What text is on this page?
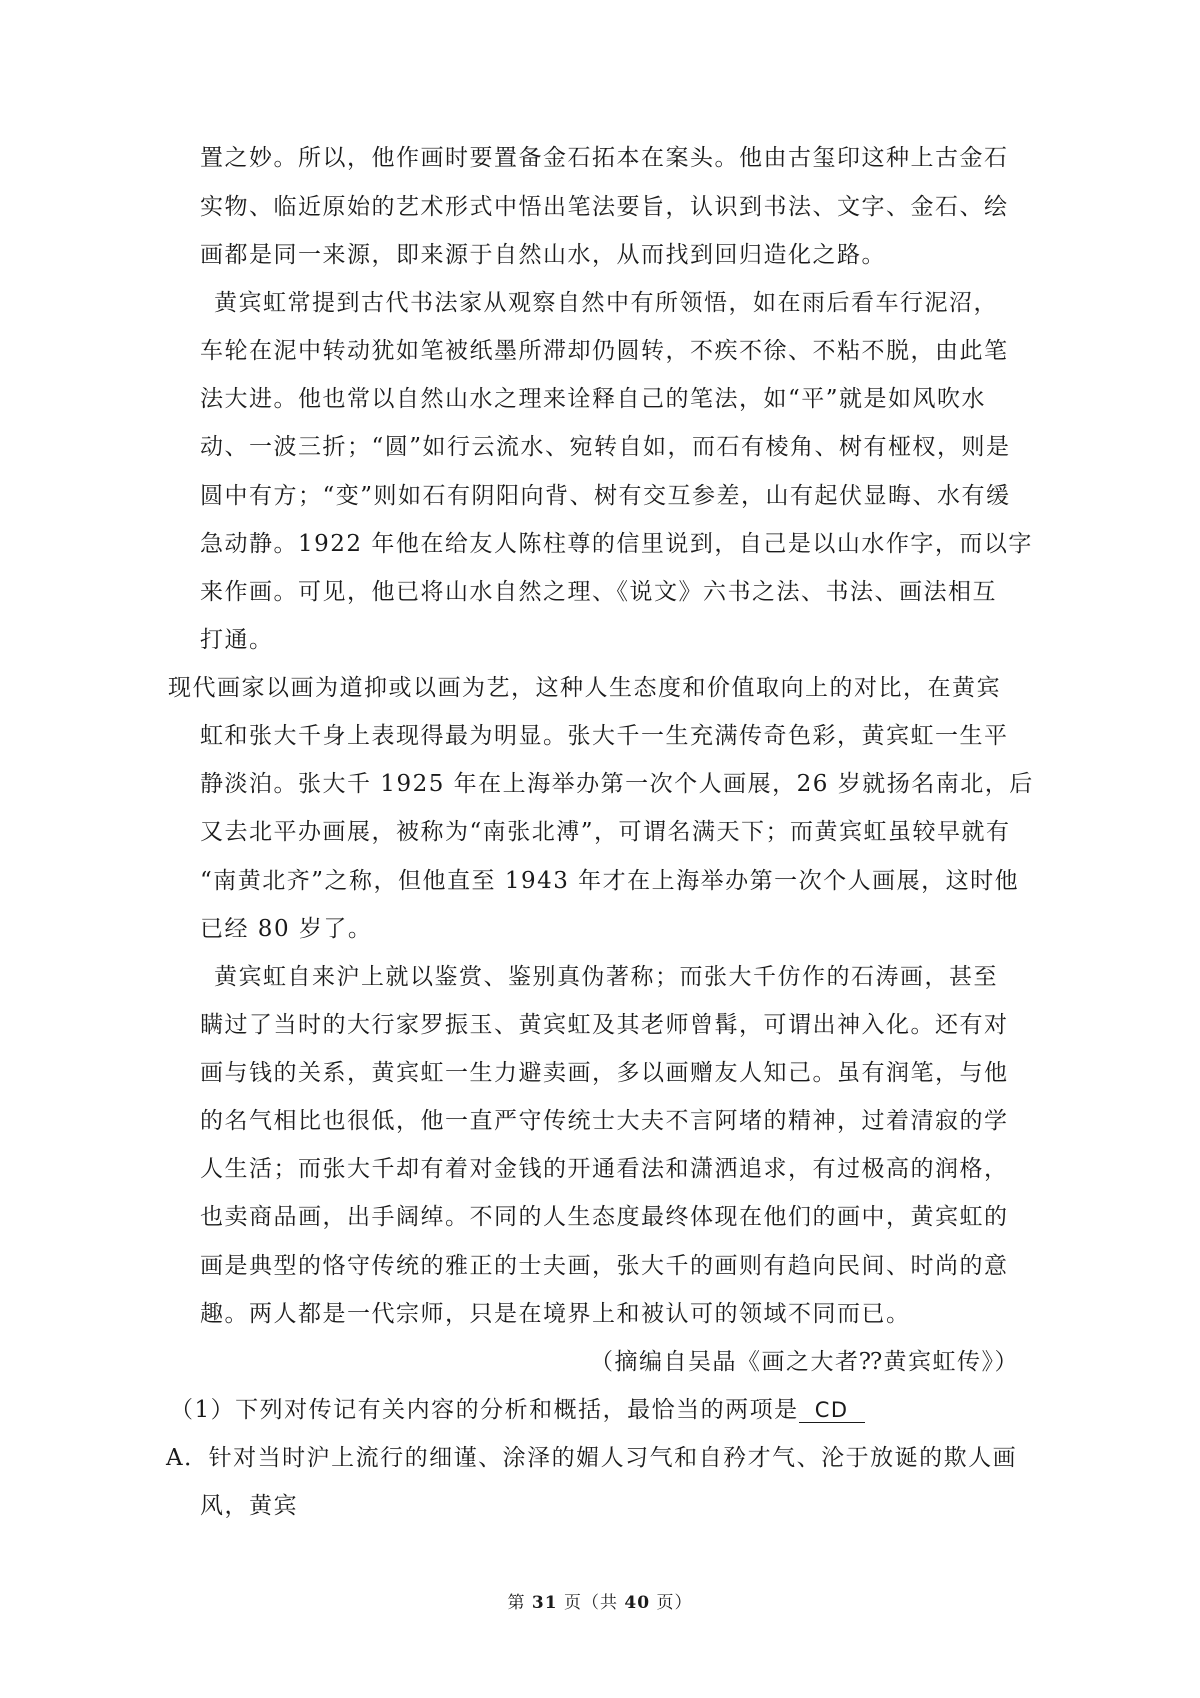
置之妙。所以，他作画时要置备金石拓本在案头。他由古玺印这种上古金石
实物、临近原始的艺术形式中悟出笔法要旨，认识到书法、文字、金石、绘
画都是同一来源，即来源于自然山水，从而找到回归造化之路。
黄宾虹常提到古代书法家从观察自然中有所领悟，如在雨后看车行泥沼，
车轮在泥中转动犹如笔被纸墨所滞却仍圆转，不疾不徐、不粘不脱，由此笔
法大进。他也常以自然山水之理来诠释自己的笔法，如“平”就是如风吹水
动、一波三折；“圆”如行云流水、宛转自如，而石有棱角、树有桠杈，则是
圆中有方；“变”则如石有阴阳向背、树有交互参差，山有起伏显晦、水有缓
急动静。1922 年他在给友人陈柱尊的信里说到，自己是以山水作字，而以字
来作画。可见，他已将山水自然之理、《说文》六书之法、书法、画法相互
打通。
现代画家以画为道抑或以画为艺，这种人生态度和价值取向上的对比，在黄宾
虹和张大千身上表现得最为明显。张大千一生充满传奇色彩，黄宾虹一生平
静淡泊。张大千 1925 年在上海举办第一次个人画展，26 岁就扬名南北，后
又去北平办画展，被称为“南张北溥”，可谓名满天下；而黄宾虹虽较早就有
“南黄北齐”之称，但他直至 1943 年才在上海举办第一次个人画展，这时他
已经 80 岁了。
黄宾虹自来沪上就以鉴赏、鉴别真伪著称；而张大千仿作的石涛画，甚至
瞒过了当时的大行家罗振玉、黄宾虹及其老师曾髯，可谓出神入化。还有对
画与钱的关系，黄宾虹一生力避卖画，多以画赠友人知己。虽有润笔，与他
的名气相比也很低，他一直严守传统士大夫不言阿堵的精神，过着清寂的学
人生活；而张大千却有着对金钱的开通看法和潇洒追求，有过极高的润格，
也卖商品画，出手阔绰。不同的人生态度最终体现在他们的画中，黄宾虹的
画是典型的恪守传统的雅正的士夫画，张大千的画则有趋向民间、时尚的意
趣。两人都是一代宗师，只是在境界上和被认可的领域不同而已。
（摘编自吴晶《画之大者⁇黄宾虹传》）
（1）下列对传记有关内容的分析和概括，最恰当的两项是 CD
A．针对当时沪上流行的细谨、涂泽的媚人习气和自矜才气、沦于放诞的欺人画
风，黄宾
第 31 页（共 40 页）
